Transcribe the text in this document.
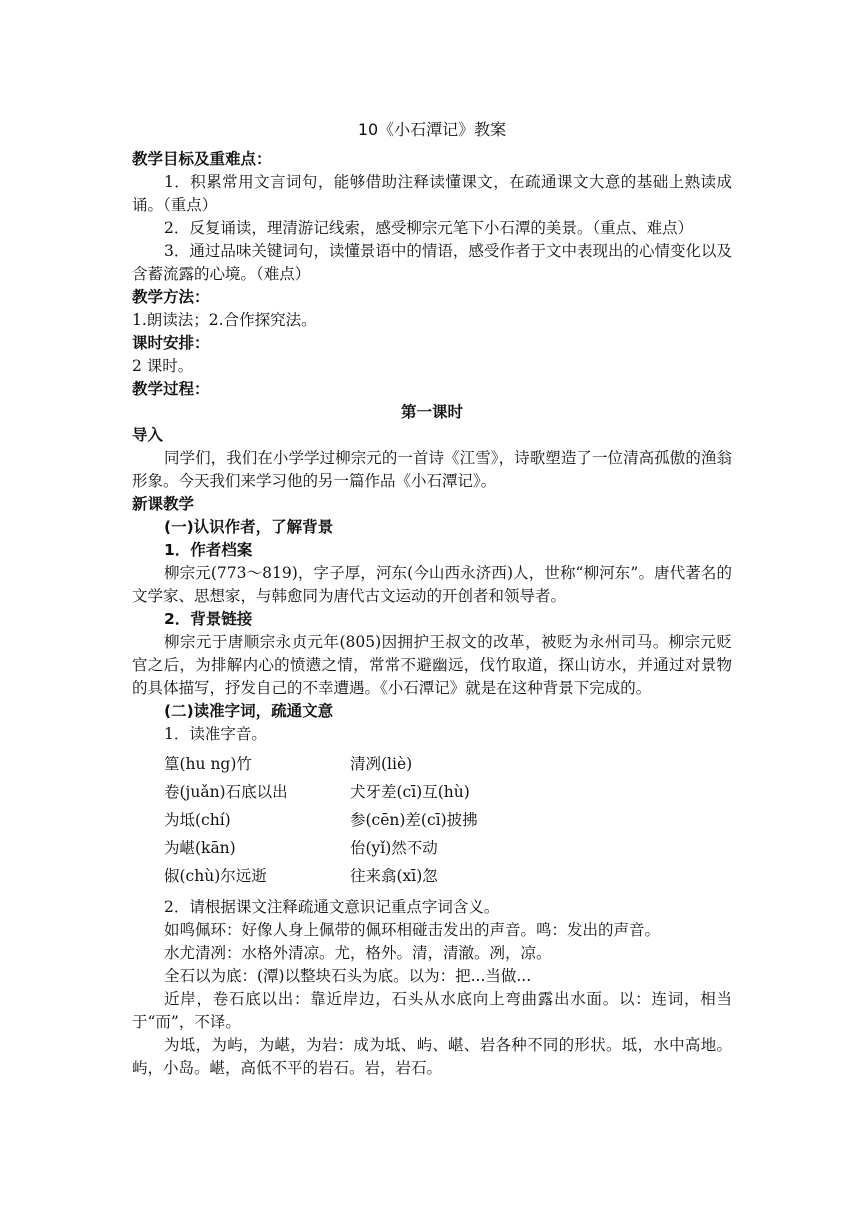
10《小石潭记》教案

教学目标及重难点：

1．积累常用文言词句，能够借助注释读懂课文，在疏通课文大意的基础上熟读成诵。（重点）

2．反复诵读，理清游记线索，感受柳宗元笔下小石潭的美景。（重点、难点）

3．通过品味关键词句，读懂景语中的情语，感受作者于文中表现出的心情变化以及含蓄流露的心境。（难点）

教学方法：

1.朗读法；2.合作探究法。

课时安排：

2 课时。

教学过程：

第一课时

导入

同学们，我们在小学学过柳宗元的一首诗《江雪》，诗歌塑造了一位清高孤傲的渔翁形象。今天我们来学习他的另一篇作品《小石潭记》。

新课教学

(一)认识作者，了解背景

1．作者档案

柳宗元(773～819)，字子厚，河东(今山西永济西)人，世称“柳河东”。唐代著名的文学家、思想家，与韩愈同为唐代古文运动的开创者和领导者。

2．背景链接

柳宗元于唐顺宗永贞元年(805)因拥护王叔文的改革，被贬为永州司马。柳宗元贬官之后，为排解内心的愤懑之情，常常不避幽远，伐竹取道，探山访水，并通过对景物的具体描写，抒发自己的不幸遭遇。《小石潭记》就是在这种背景下完成的。

(二)读准字词，疏通文意

1．读准字音。

篁(hu ng)竹	清冽(liè)
卷(juǎn)石底以出	犬牙差(cī)互(hù)
为坻(chí)	参(cēn)差(cī)披拂
为嵁(kān)	佁(yǐ)然不动
俶(chù)尔远逝	往来翕(xī)忽

2．请根据课文注释疏通文意识记重点字词含义。

如鸣佩环：好像人身上佩带的佩环相碰击发出的声音。鸣：发出的声音。

水尤清冽：水格外清凉。尤，格外。清，清澈。冽，凉。

全石以为底：(潭)以整块石头为底。以为：把...当做...

近岸，卷石底以出：靠近岸边，石头从水底向上弯曲露出水面。以：连词，相当于“而”，不译。

为坻，为屿，为嵁，为岩：成为坻、屿、嵁、岩各种不同的形状。坻，水中高地。屿，小岛。嵁，高低不平的岩石。岩，岩石。
